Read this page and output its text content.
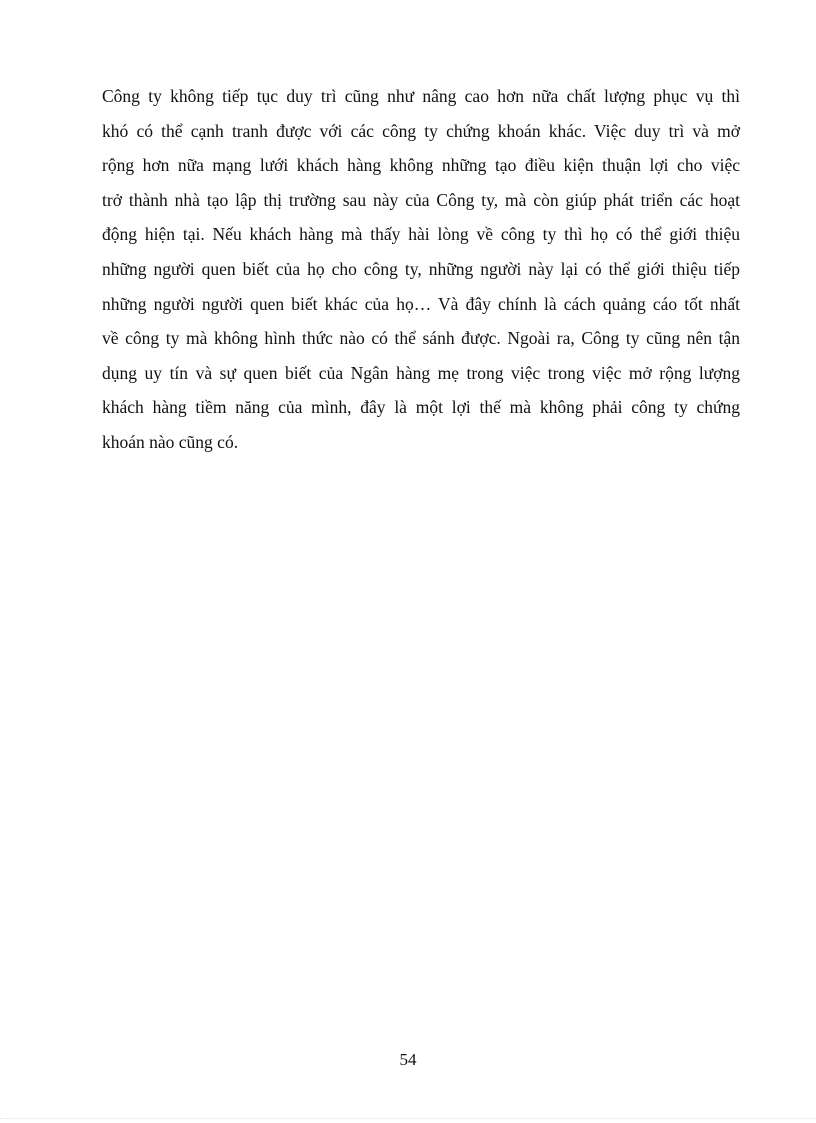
Công ty không tiếp tục duy trì cũng như nâng cao hơn nữa chất lượng phục vụ thì
khó có thể cạnh tranh được với các công ty chứng khoán khác. Việc duy trì và mở
rộng hơn nữa mạng lưới khách hàng không những tạo điều kiện thuận lợi cho việc
trở thành nhà tạo lập thị trường sau này của Công ty, mà còn giúp phát triển các hoạt
động hiện tại. Nếu khách hàng mà thấy hài lòng về công ty thì họ có thể giới thiệu
những người quen biết của họ cho công ty, những người này lại có thể giới thiệu tiếp
những người người quen biết khác của họ… Và đây chính là cách quảng cáo tốt nhất
về công ty mà không hình thức nào có thể sánh được. Ngoài ra, Công ty cũng nên tận
dụng uy tín và sự quen biết của Ngân hàng mẹ trong việc trong việc mở rộng lượng
khách hàng tiềm năng của mình, đây là một lợi thế mà không phải công ty chứng
khoán nào cũng có.

54
